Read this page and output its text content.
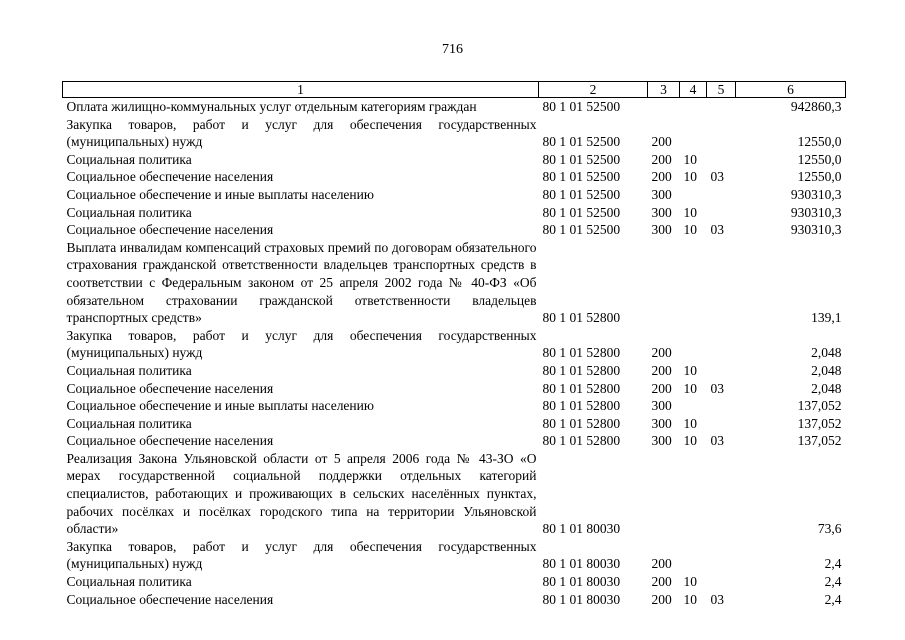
716
1	2	3	4	5	6
Оплата жилищно-коммунальных услуг отдельным категориям граждан	80 1 01 52500				942860,3
Закупка товаров, работ и услуг для обеспечения государственных (муниципальных) нужд	80 1 01 52500	200			12550,0
Социальная политика	80 1 01 52500	200	10		12550,0
Социальное обеспечение населения	80 1 01 52500	200	10	03	12550,0
Социальное обеспечение и иные выплаты населению	80 1 01 52500	300			930310,3
Социальная политика	80 1 01 52500	300	10		930310,3
Социальное обеспечение населения	80 1 01 52500	300	10	03	930310,3
Выплата инвалидам компенсаций страховых премий по договорам обязательного страхования гражданской ответственности владельцев транспортных средств в соответствии с Федеральным законом от 25 апреля 2002 года № 40-ФЗ «Об обязательном страховании гражданской ответственности владельцев транспортных средств»	80 1 01 52800				139,1
Закупка товаров, работ и услуг для обеспечения государственных (муниципальных) нужд	80 1 01 52800	200			2,048
Социальная политика	80 1 01 52800	200	10		2,048
Социальное обеспечение населения	80 1 01 52800	200	10	03	2,048
Социальное обеспечение и иные выплаты населению	80 1 01 52800	300			137,052
Социальная политика	80 1 01 52800	300	10		137,052
Социальное обеспечение населения	80 1 01 52800	300	10	03	137,052
Реализация Закона Ульяновской области от 5 апреля 2006 года № 43-ЗО «О мерах государственной социальной поддержки отдельных категорий специалистов, работающих и проживающих в сельских населённых пунктах, рабочих посёлках и посёлках городского типа на территории Ульяновской области»	80 1 01 80030				73,6
Закупка товаров, работ и услуг для обеспечения государственных (муниципальных) нужд	80 1 01 80030	200			2,4
Социальная политика	80 1 01 80030	200	10		2,4
Социальное обеспечение населения	80 1 01 80030	200	10	03	2,4
